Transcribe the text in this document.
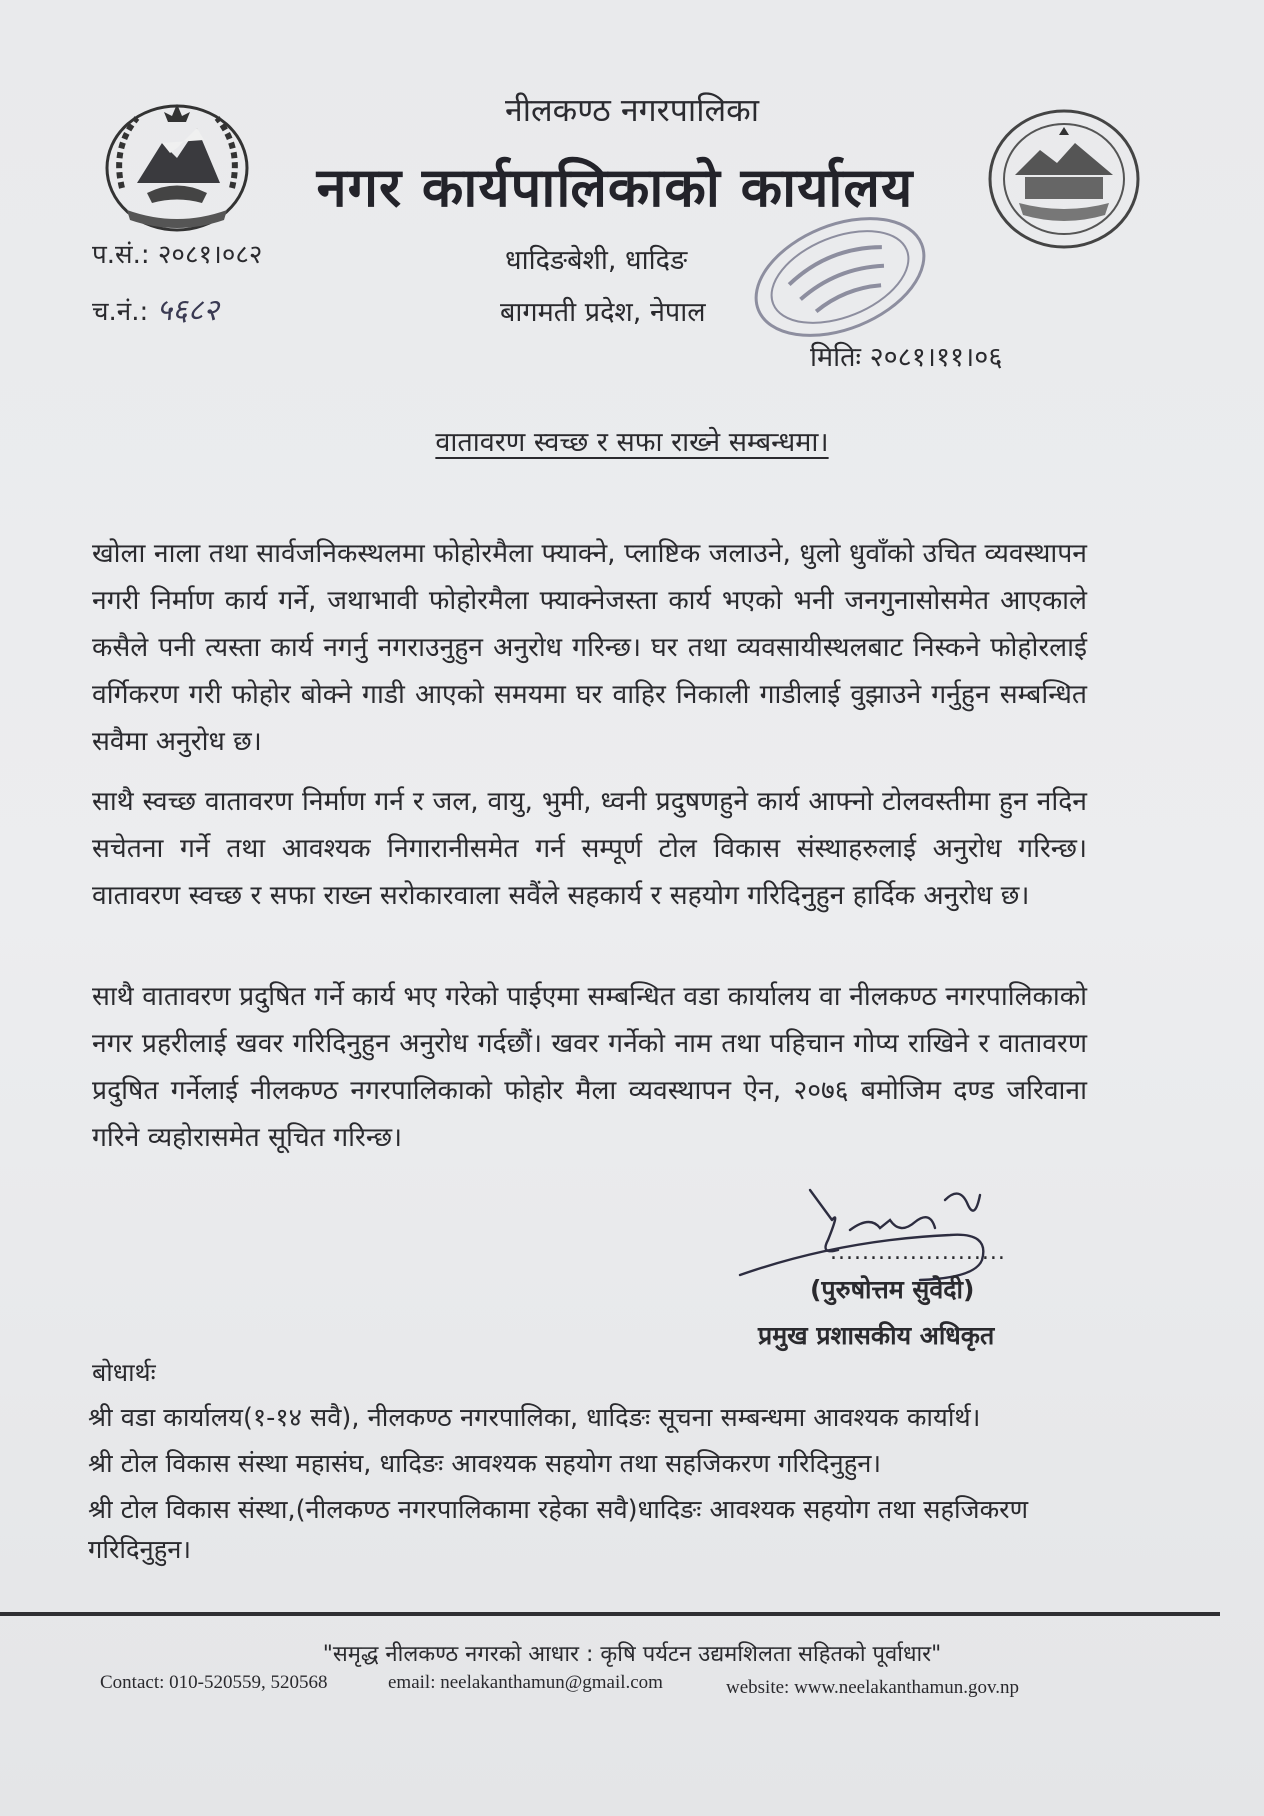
नीलकण्ठ नगरपालिका
नगर कार्यपालिकाको कार्यालय
प.सं.: २०८१।०८२
च.नं.: ५६८२
धादिङबेशी, धादिङ
बागमती प्रदेश, नेपाल
मितिः २०८१।११।०६
वातावरण स्वच्छ र सफा राख्ने सम्बन्धमा।

खोला नाला तथा सार्वजनिकस्थलमा फोहोरमैला फ्याक्ने, प्लाष्टिक जलाउने, धुलो धुवाँको उचित व्यवस्थापन नगरी निर्माण कार्य गर्ने, जथाभावी फोहोरमैला फ्याक्नेजस्ता कार्य भएको भनी जनगुनासोसमेत आएकाले कसैले पनी त्यस्ता कार्य नगर्नु नगराउनुहुन अनुरोध गरिन्छ। घर तथा व्यवसायीस्थलबाट निस्कने फोहोरलाई वर्गिकरण गरी फोहोर बोक्ने गाडी आएको समयमा घर वाहिर निकाली गाडीलाई वुझाउने गर्नुहुन सम्बन्धित सवैमा अनुरोध छ।

साथै स्वच्छ वातावरण निर्माण गर्न र जल, वायु, भुमी, ध्वनी प्रदुषणहुने कार्य आफ्नो टोलवस्तीमा हुन नदिन सचेतना गर्ने तथा आवश्यक निगारानीसमेत गर्न सम्पूर्ण टोल विकास संस्थाहरुलाई अनुरोध गरिन्छ। वातावरण स्वच्छ र सफा राख्न सरोकारवाला सवैंले सहकार्य र सहयोग गरिदिनुहुन हार्दिक अनुरोध छ।

साथै वातावरण प्रदुषित गर्ने कार्य भए गरेको पाईएमा सम्बन्धित वडा कार्यालय वा नीलकण्ठ नगरपालिकाको नगर प्रहरीलाई खवर गरिदिनुहुन अनुरोध गर्दछौं। खवर गर्नेको नाम तथा पहिचान गोप्य राखिने र वातावरण प्रदुषित गर्नेलाई नीलकण्ठ नगरपालिकाको फोहोर मैला व्यवस्थापन ऐन, २०७६ बमोजिम दण्ड जरिवाना गरिने व्यहोरासमेत सूचित गरिन्छ।

......................
(पुरुषोत्तम सुवेदी)
प्रमुख प्रशासकीय अधिकृत
बोधार्थः
श्री वडा कार्यालय(१-१४ सवै), नीलकण्ठ नगरपालिका, धादिङः सूचना सम्बन्धमा आवश्यक कार्यार्थ।
श्री टोल विकास संस्था महासंघ, धादिङः आवश्यक सहयोग तथा सहजिकरण गरिदिनुहुन।
श्री टोल विकास संस्था,(नीलकण्ठ नगरपालिकामा रहेका सवै)धादिङः आवश्यक सहयोग तथा सहजिकरण गरिदिनुहुन।
"समृद्ध नीलकण्ठ नगरको आधार : कृषि पर्यटन उद्यमशिलता सहितको पूर्वाधार"
Contact: 010-520559, 520568	email: neelakanthamun@gmail.com	website: www.neelakanthamun.gov.np
